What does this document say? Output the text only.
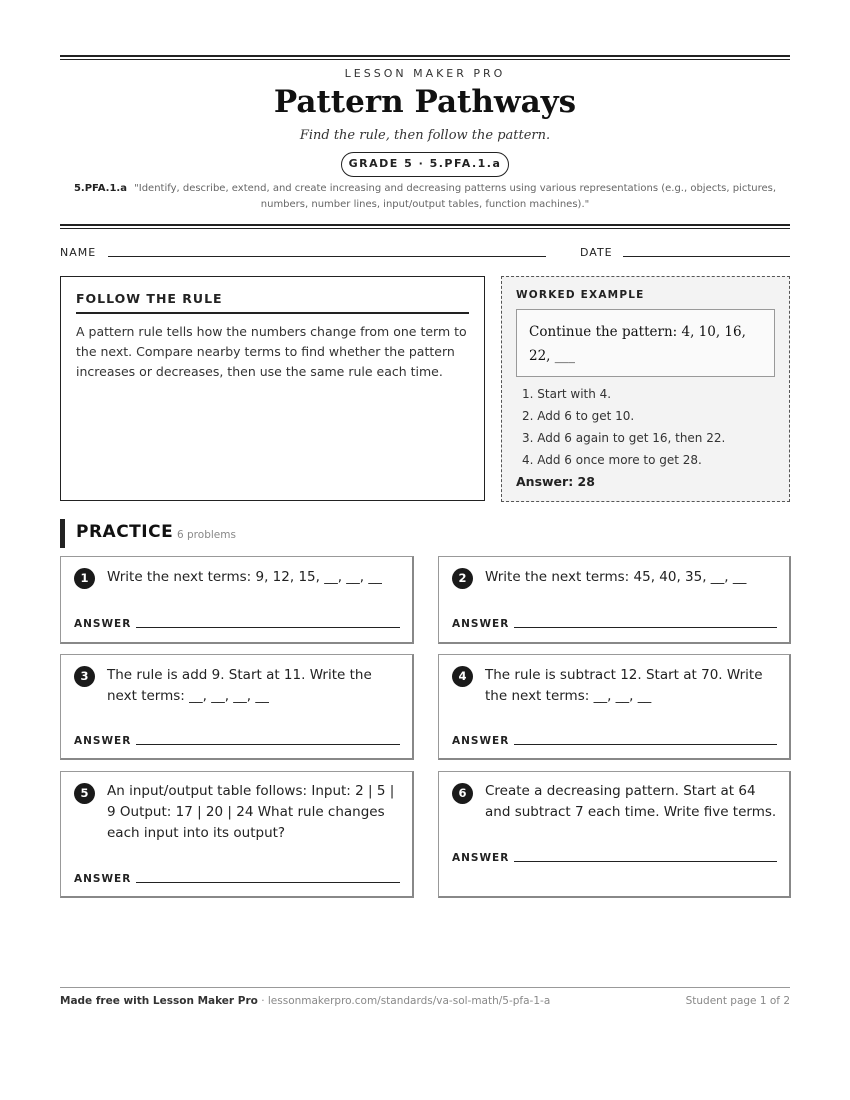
LESSON MAKER PRO
Pattern Pathways
Find the rule, then follow the pattern.
GRADE 5 · 5.PFA.1.a
5.PFA.1.a "Identify, describe, extend, and create increasing and decreasing patterns using various representations (e.g., objects, pictures, numbers, number lines, input/output tables, function machines)."
NAME	DATE
FOLLOW THE RULE

A pattern rule tells how the numbers change from one term to the next. Compare nearby terms to find whether the pattern increases or decreases, then use the same rule each time.

WORKED EXAMPLE
Continue the pattern: 4, 10, 16, 22, ___
1. Start with 4.
2. Add 6 to get 10.
3. Add 6 again to get 16, then 22.
4. Add 6 once more to get 28.
Answer: 28
PRACTICE 6 problems
1	Write the next terms: 9, 12, 15, __, __, __
ANSWER
2	Write the next terms: 45, 40, 35, __, __
ANSWER
3	The rule is add 9. Start at 11. Write the next terms: __, __, __, __
ANSWER
4	The rule is subtract 12. Start at 70. Write the next terms: __, __, __
ANSWER
5	An input/output table follows: Input: 2 | 5 | 9 Output: 17 | 20 | 24 What rule changes each input into its output?
ANSWER
6	Create a decreasing pattern. Start at 64 and subtract 7 each time. Write five terms.
ANSWER
Made free with Lesson Maker Pro · lessonmakerpro.com/standards/va-sol-math/5-pfa-1-a	Student page 1 of 2
